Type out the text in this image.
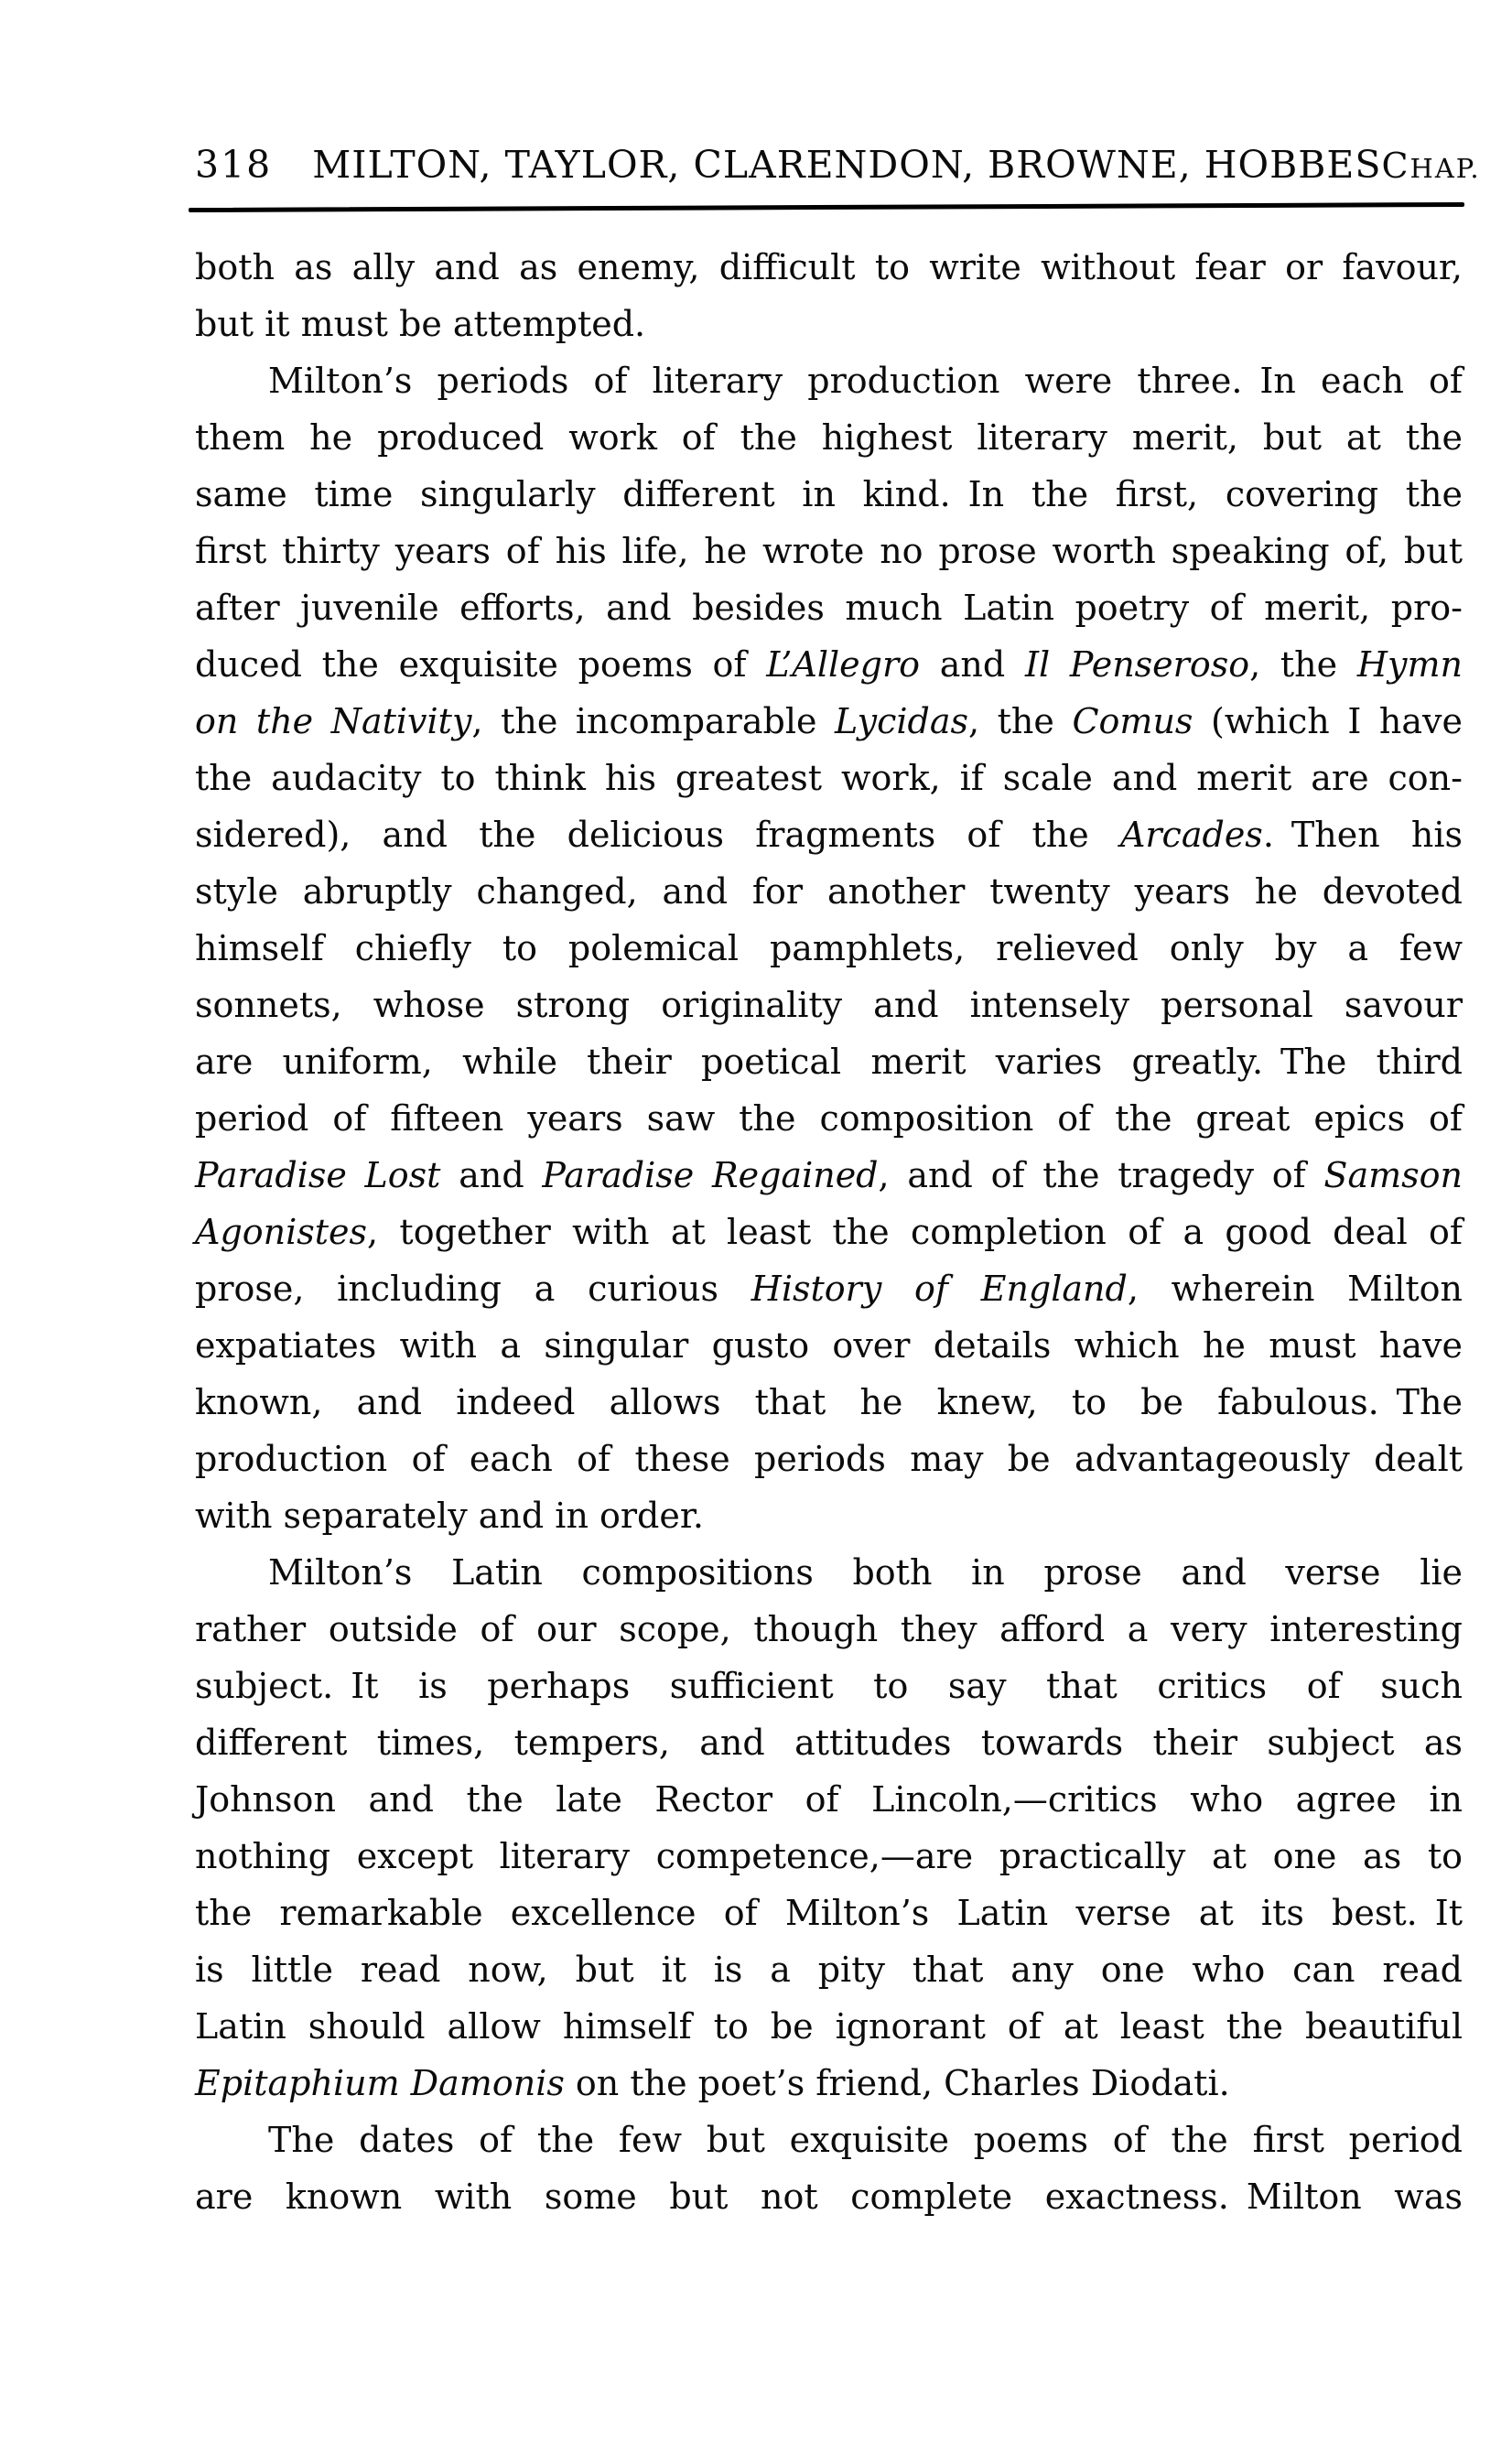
318 MILTON, TAYLOR, CLARENDON, BROWNE, HOBBES CHAP.
both as ally and as enemy, difficult to write without fear or favour,
but it must be attempted.
Milton’s periods of literary production were three. In each of
them he produced work of the highest literary merit, but at the
same time singularly different in kind. In the first, covering the
first thirty years of his life, he wrote no prose worth speaking of, but
after juvenile efforts, and besides much Latin poetry of merit, pro-
duced the exquisite poems of L’Allegro and Il Penseroso, the Hymn
on the Nativity, the incomparable Lycidas, the Comus (which I have
the audacity to think his greatest work, if scale and merit are con-
sidered), and the delicious fragments of the Arcades. Then his
style abruptly changed, and for another twenty years he devoted
himself chiefly to polemical pamphlets, relieved only by a few
sonnets, whose strong originality and intensely personal savour
are uniform, while their poetical merit varies greatly. The third
period of fifteen years saw the composition of the great epics of
Paradise Lost and Paradise Regained, and of the tragedy of Samson
Agonistes, together with at least the completion of a good deal of
prose, including a curious History of England, wherein Milton
expatiates with a singular gusto over details which he must have
known, and indeed allows that he knew, to be fabulous. The
production of each of these periods may be advantageously dealt
with separately and in order.
Milton’s Latin compositions both in prose and verse lie
rather outside of our scope, though they afford a very interesting
subject. It is perhaps sufficient to say that critics of such
different times, tempers, and attitudes towards their subject as
Johnson and the late Rector of Lincoln,—critics who agree in
nothing except literary competence,—are practically at one as to
the remarkable excellence of Milton’s Latin verse at its best. It
is little read now, but it is a pity that any one who can read
Latin should allow himself to be ignorant of at least the beautiful
Epitaphium Damonis on the poet’s friend, Charles Diodati.
The dates of the few but exquisite poems of the first period
are known with some but not complete exactness. Milton was
